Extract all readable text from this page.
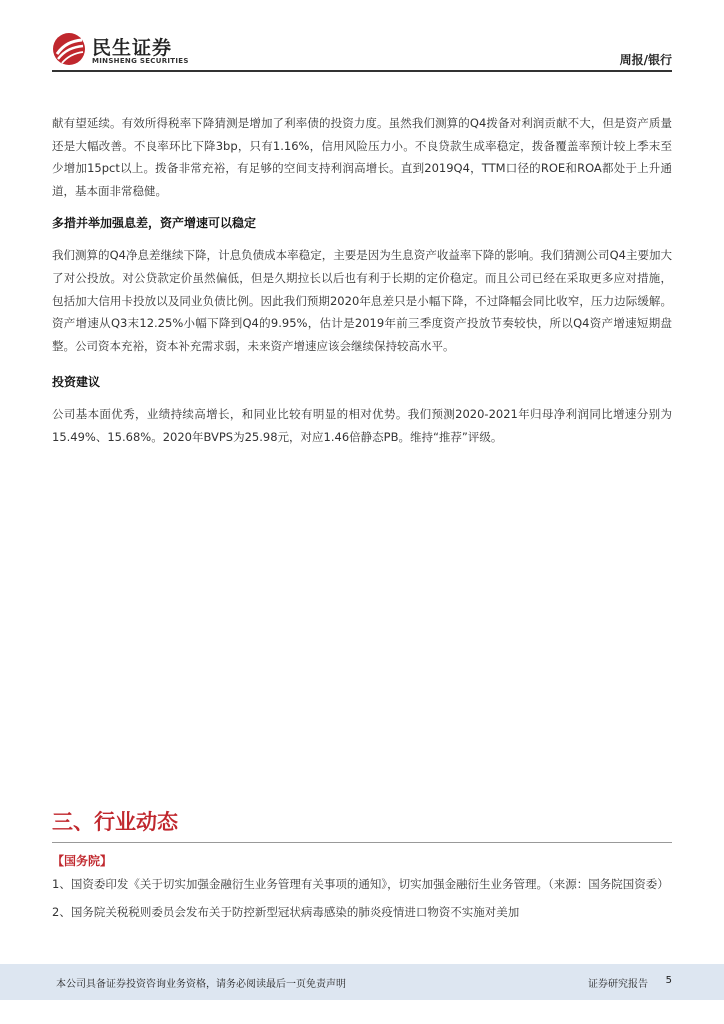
民生证券
MINSHENG SECURITIES	周报/银行

献有望延续。有效所得税率下降猜测是增加了利率债的投资力度。虽然我们测算的Q4拨备对利润贡献不大，但是资产质量还是大幅改善。不良率环比下降3bp，只有1.16%，信用风险压力小。不良贷款生成率稳定，拨备覆盖率预计较上季末至少增加15pct以上。拨备非常充裕，有足够的空间支持利润高增长。直到2019Q4，TTM口径的ROE和ROA都处于上升通道，基本面非常稳健。

多措并举加强息差，资产增速可以稳定

我们测算的Q4净息差继续下降，计息负债成本率稳定，主要是因为生息资产收益率下降的影响。我们猜测公司Q4主要加大了对公投放。对公贷款定价虽然偏低，但是久期拉长以后也有利于长期的定价稳定。而且公司已经在采取更多应对措施，包括加大信用卡投放以及同业负债比例。因此我们预期2020年息差只是小幅下降，不过降幅会同比收窄，压力边际缓解。资产增速从Q3末12.25%小幅下降到Q4的9.95%，估计是2019年前三季度资产投放节奏较快，所以Q4资产增速短期盘整。公司资本充裕，资本补充需求弱，未来资产增速应该会继续保持较高水平。

投资建议

公司基本面优秀，业绩持续高增长，和同业比较有明显的相对优势。我们预测2020-2021年归母净利润同比增速分别为15.49%、15.68%。2020年BVPS为25.98元，对应1.46倍静态PB。维持“推荐”评级。

三、行业动态
【国务院】

1、国资委印发《关于切实加强金融衍生业务管理有关事项的通知》，切实加强金融衍生业务管理。（来源：国务院国资委）

2、国务院关税税则委员会发布关于防控新型冠状病毒感染的肺炎疫情进口物资不实施对美加

本公司具备证券投资咨询业务资格，请务必阅读最后一页免责声明	证券研究报告 5
